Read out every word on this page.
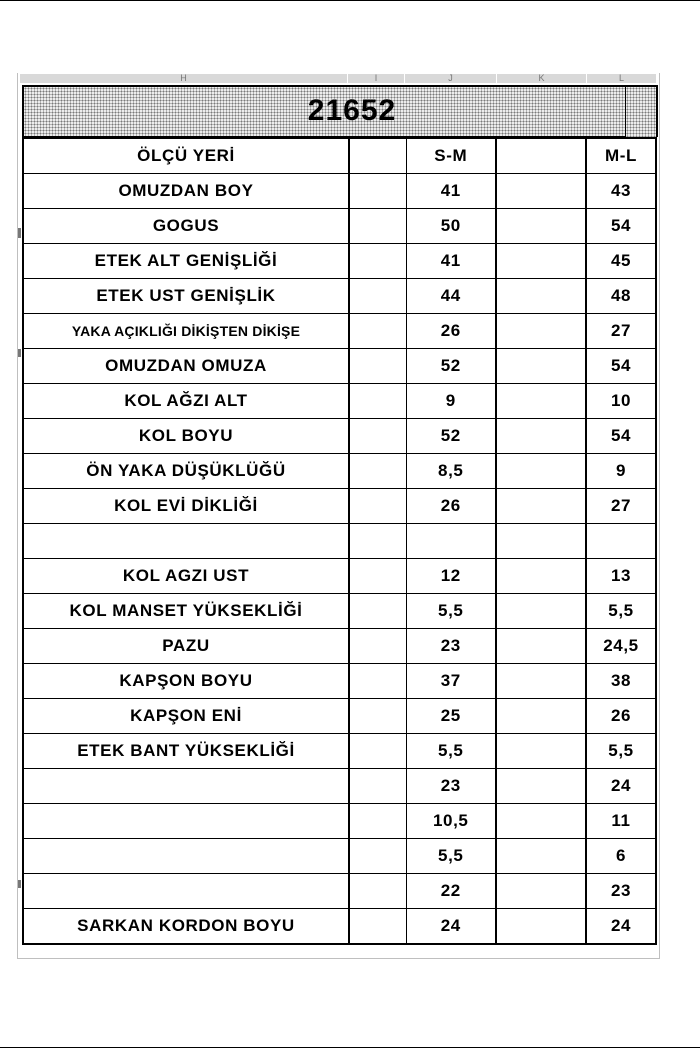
H	I	J	K	L
21652
ÖLÇÜ YERİ		S-M		M-L
OMUZDAN BOY		41		43
GOGUS		50		54
ETEK ALT GENİŞLİĞİ		41		45
ETEK UST GENİŞLİK		44		48
YAKA AÇIKLIĞI DİKİŞTEN DİKİŞE		26		27
OMUZDAN OMUZA		52		54
KOL AĞZI ALT		9		10
KOL BOYU		52		54
ÖN YAKA DÜŞÜKLÜĞÜ		8,5		9
KOL EVİ DİKLİĞİ		26		27

KOL AGZI UST		12		13
KOL MANSET YÜKSEKLİĞİ		5,5		5,5
PAZU		23		24,5
KAPŞON BOYU		37		38
KAPŞON ENİ		25		26
ETEK BANT YÜKSEKLİĞİ		5,5		5,5
		23		24
		10,5		11
		5,5		6
		22		23
SARKAN KORDON BOYU		24		24
